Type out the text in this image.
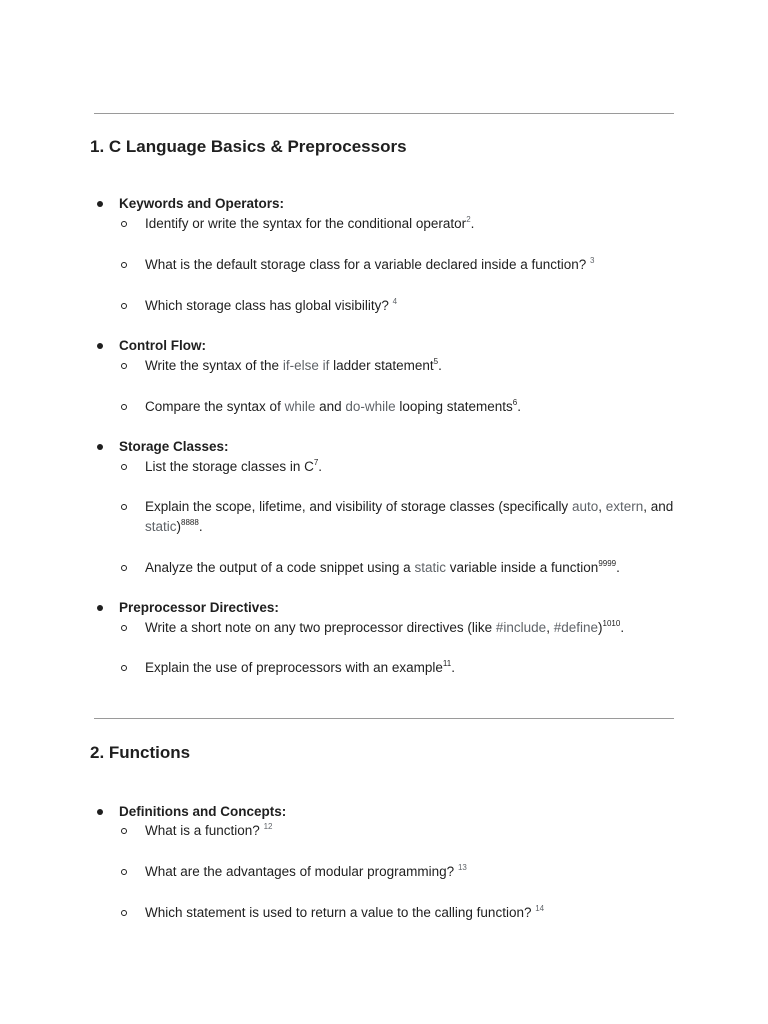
1. C Language Basics & Preprocessors
Keywords and Operators:
Identify or write the syntax for the conditional operator$^2$.
What is the default storage class for a variable declared inside a function? $^3$
Which storage class has global visibility? $^4$
Control Flow:
Write the syntax of the if-else if ladder statement$^5$.
Compare the syntax of while and do-while looping statements$^6$.
Storage Classes:
List the storage classes in $C^7$.
Explain the scope, lifetime, and visibility of storage classes (specifically auto, extern, and static)$^{8888}$.
Analyze the output of a code snippet using a static variable inside a function$^{9999}$.
Preprocessor Directives:
Write a short note on any two preprocessor directives (like #include, #define)$^{1010}$.
Explain the use of preprocessors with an example$^{11}$.
2. Functions
Definitions and Concepts:
What is a function? $^{12}$
What are the advantages of modular programming? $^{13}$
Which statement is used to return a value to the calling function? $^{14}$
